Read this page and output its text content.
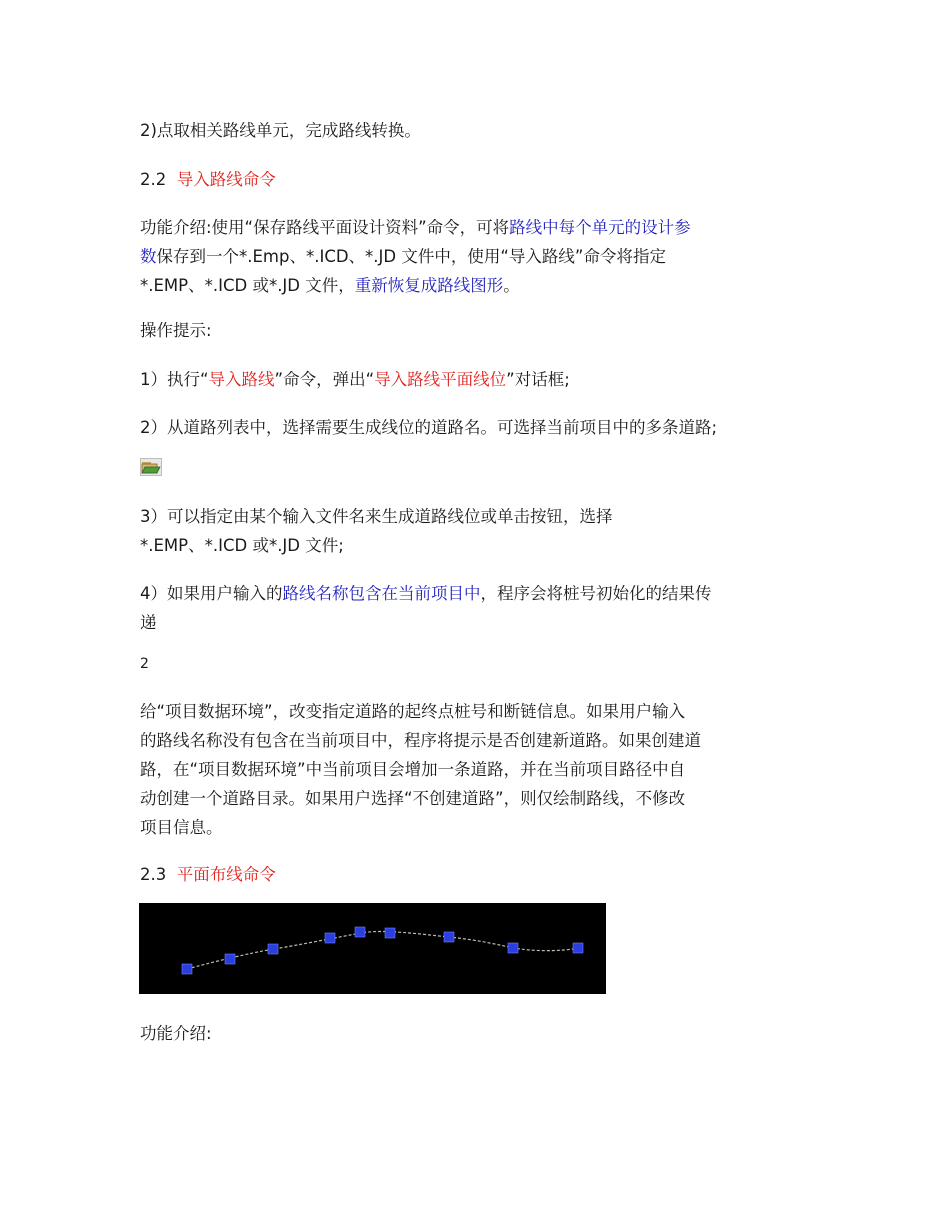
2)点取相关路线单元，完成路线转换。

2.2 导入路线命令

功能介绍:使用“保存路线平面设计资料”命令，可将路线中每个单元的设计参
数保存到一个*.Emp、*.ICD、*.JD 文件中，使用“导入路线”命令将指定
*.EMP、*.ICD 或*.JD 文件，重新恢复成路线图形。

操作提示:

1）执行“导入路线”命令，弹出“导入路线平面线位”对话框;

2）从道路列表中，选择需要生成线位的道路名。可选择当前项目中的多条道路;

3）可以指定由某个输入文件名来生成道路线位或单击按钮，选择
*.EMP、*.ICD 或*.JD 文件;

4）如果用户输入的路线名称包含在当前项目中，程序会将桩号初始化的结果传
递

2

给“项目数据环境”，改变指定道路的起终点桩号和断链信息。如果用户输入
的路线名称没有包含在当前项目中，程序将提示是否创建新道路。如果创建道
路，在“项目数据环境”中当前项目会增加一条道路，并在当前项目路径中自
动创建一个道路目录。如果用户选择“不创建道路”，则仅绘制路线，不修改
项目信息。

2.3 平面布线命令

功能介绍:
